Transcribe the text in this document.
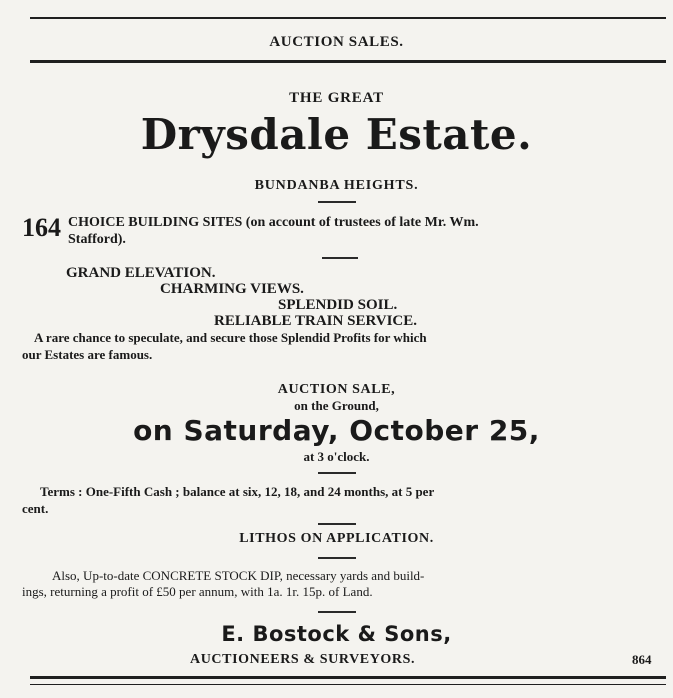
AUCTION SALES.
THE GREAT
Drysdale Estate.
BUNDANBA HEIGHTS.
164 CHOICE BUILDING SITES (on account of trustees of late Mr. Wm.
Stafford).
GRAND ELEVATION.
CHARMING VIEWS.
SPLENDID SOIL.
RELIABLE TRAIN SERVICE.
A rare chance to speculate, and secure those Splendid Profits for which
our Estates are famous.
AUCTION SALE,
on the Ground,
on Saturday, October 25,
at 3 o'clock.
Terms : One-Fifth Cash ; balance at six, 12, 18, and 24 months, at 5 per
cent.
LITHOS ON APPLICATION.
Also, Up-to-date CONCRETE STOCK DIP, necessary yards and build-
ings, returning a profit of £50 per annum, with 1a. 1r. 15p. of Land.
E. Bostock & Sons,
AUCTIONEERS & SURVEYORS.	864
